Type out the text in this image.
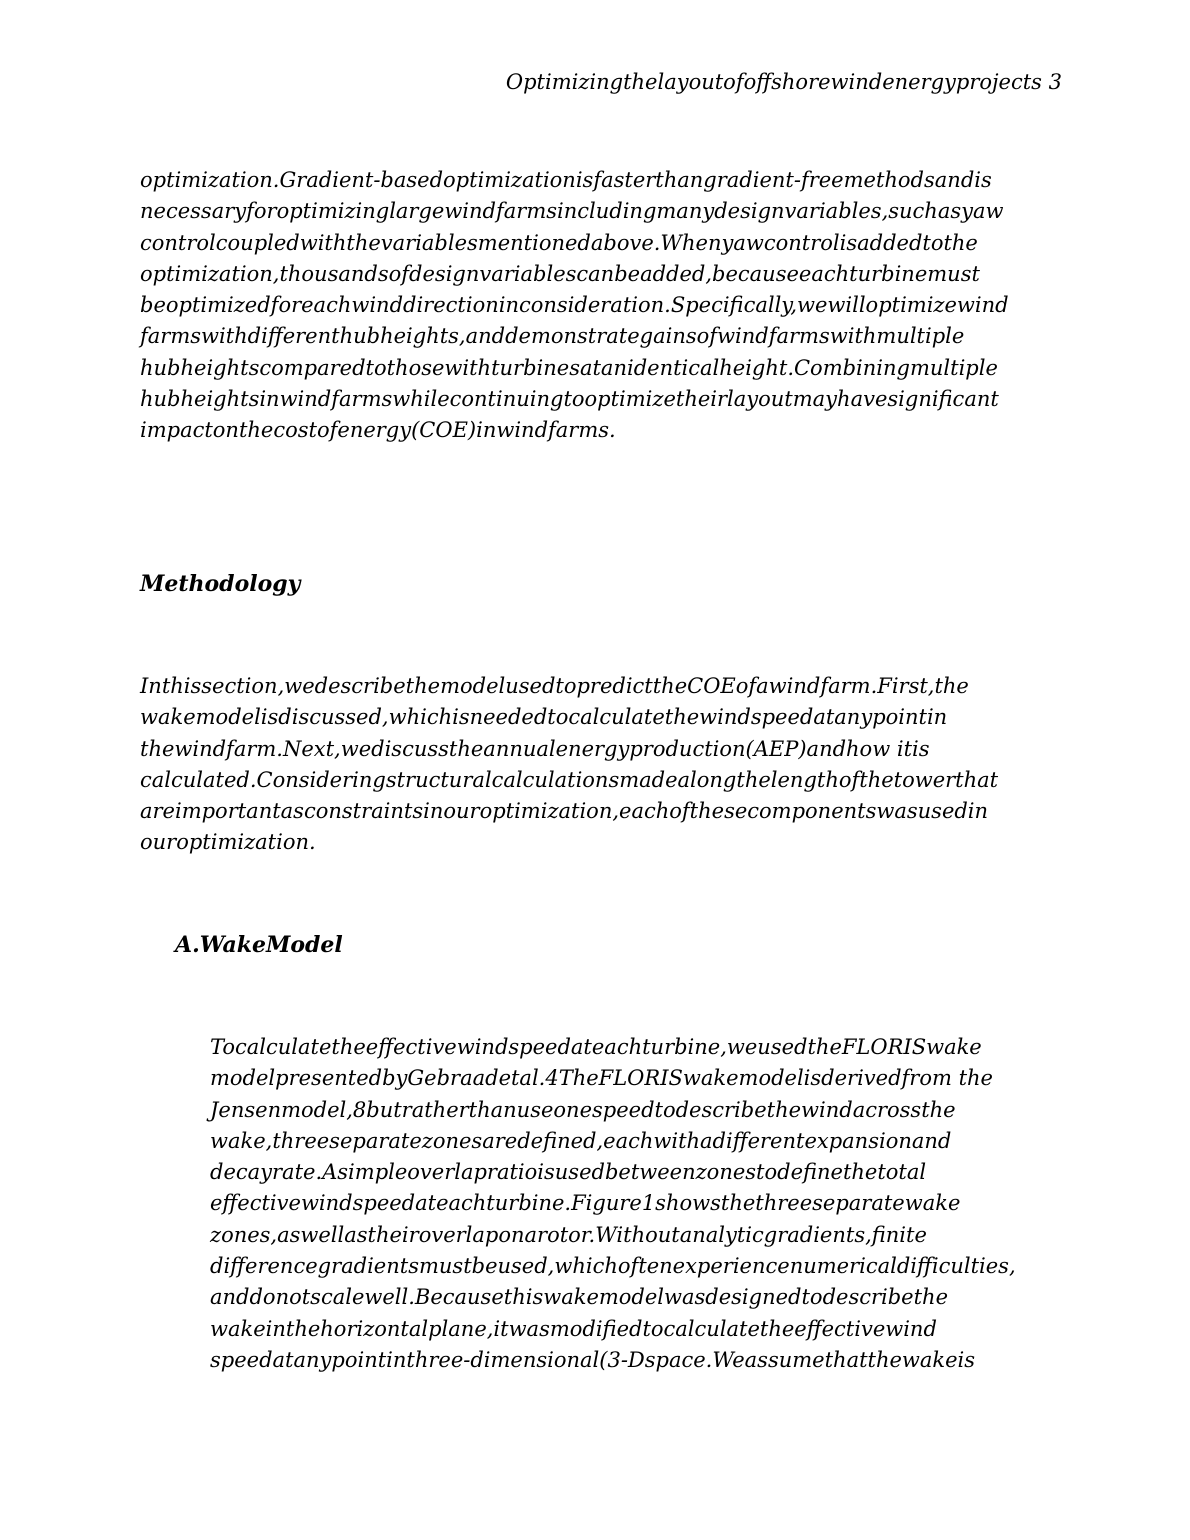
Optimizingthelayoutofoffshorewindenergyprojects 3

optimization.Gradient-basedoptimizationisfasterthangradient-freemethodsandis
necessaryforoptimizinglargewindfarmsincludingmanydesignvariables,suchasyaw
controlcoupledwiththevariablesmentionedabove.Whenyawcontrolisaddedtothe
optimization,thousandsofdesignvariablescanbeadded,becauseeachturbinemust
beoptimizedforeachwinddirectioninconsideration.Specifically,wewilloptimizewind
farmswithdifferenthubheights,anddemonstrategainsofwindfarmswithmultiple
hubheightscomparedtothosewithturbinesatanidenticalheight.Combiningmultiple
hubheightsinwindfarmswhilecontinuingtooptimizetheirlayoutmayhavesignificant
impactonthecostofenergy(COE)inwindfarms.

Methodology

Inthissection,wedescribethemodelusedtopredicttheCOEofawindfarm.First,the
wakemodelisdiscussed,whichisneededtocalculatethewindspeedatanypointin
thewindfarm.Next,wediscusstheannualenergyproduction(AEP)andhow itis
calculated.Consideringstructuralcalculationsmadealongthelengthofthetowerthat
areimportantasconstraintsinouroptimization,eachofthesecomponentswasusedin
ouroptimization.

A.WakeModel

Tocalculatetheeffectivewindspeedateachturbine,weusedtheFLORISwake
modelpresentedbyGebraadetal.4TheFLORISwakemodelisderivedfrom the
Jensenmodel,8butratherthanuseonespeedtodescribethewindacrossthe
wake,threeseparatezonesaredefined,eachwithadifferentexpansionand
decayrate.Asimpleoverlapratioisusedbetweenzonestodefinethetotal
effectivewindspeedateachturbine.Figure1showsthethreeseparatewake
zones,aswellastheiroverlaponarotor.Withoutanalyticgradients,finite
differencegradientsmustbeused,whichoftenexperiencenumericaldifficulties,
anddonotscalewell.Becausethiswakemodelwasdesignedtodescribethe
wakeinthehorizontalplane,itwasmodifiedtocalculatetheeffectivewind
speedatanypointinthree-dimensional(3-Dspace.Weassumethatthewakeis
